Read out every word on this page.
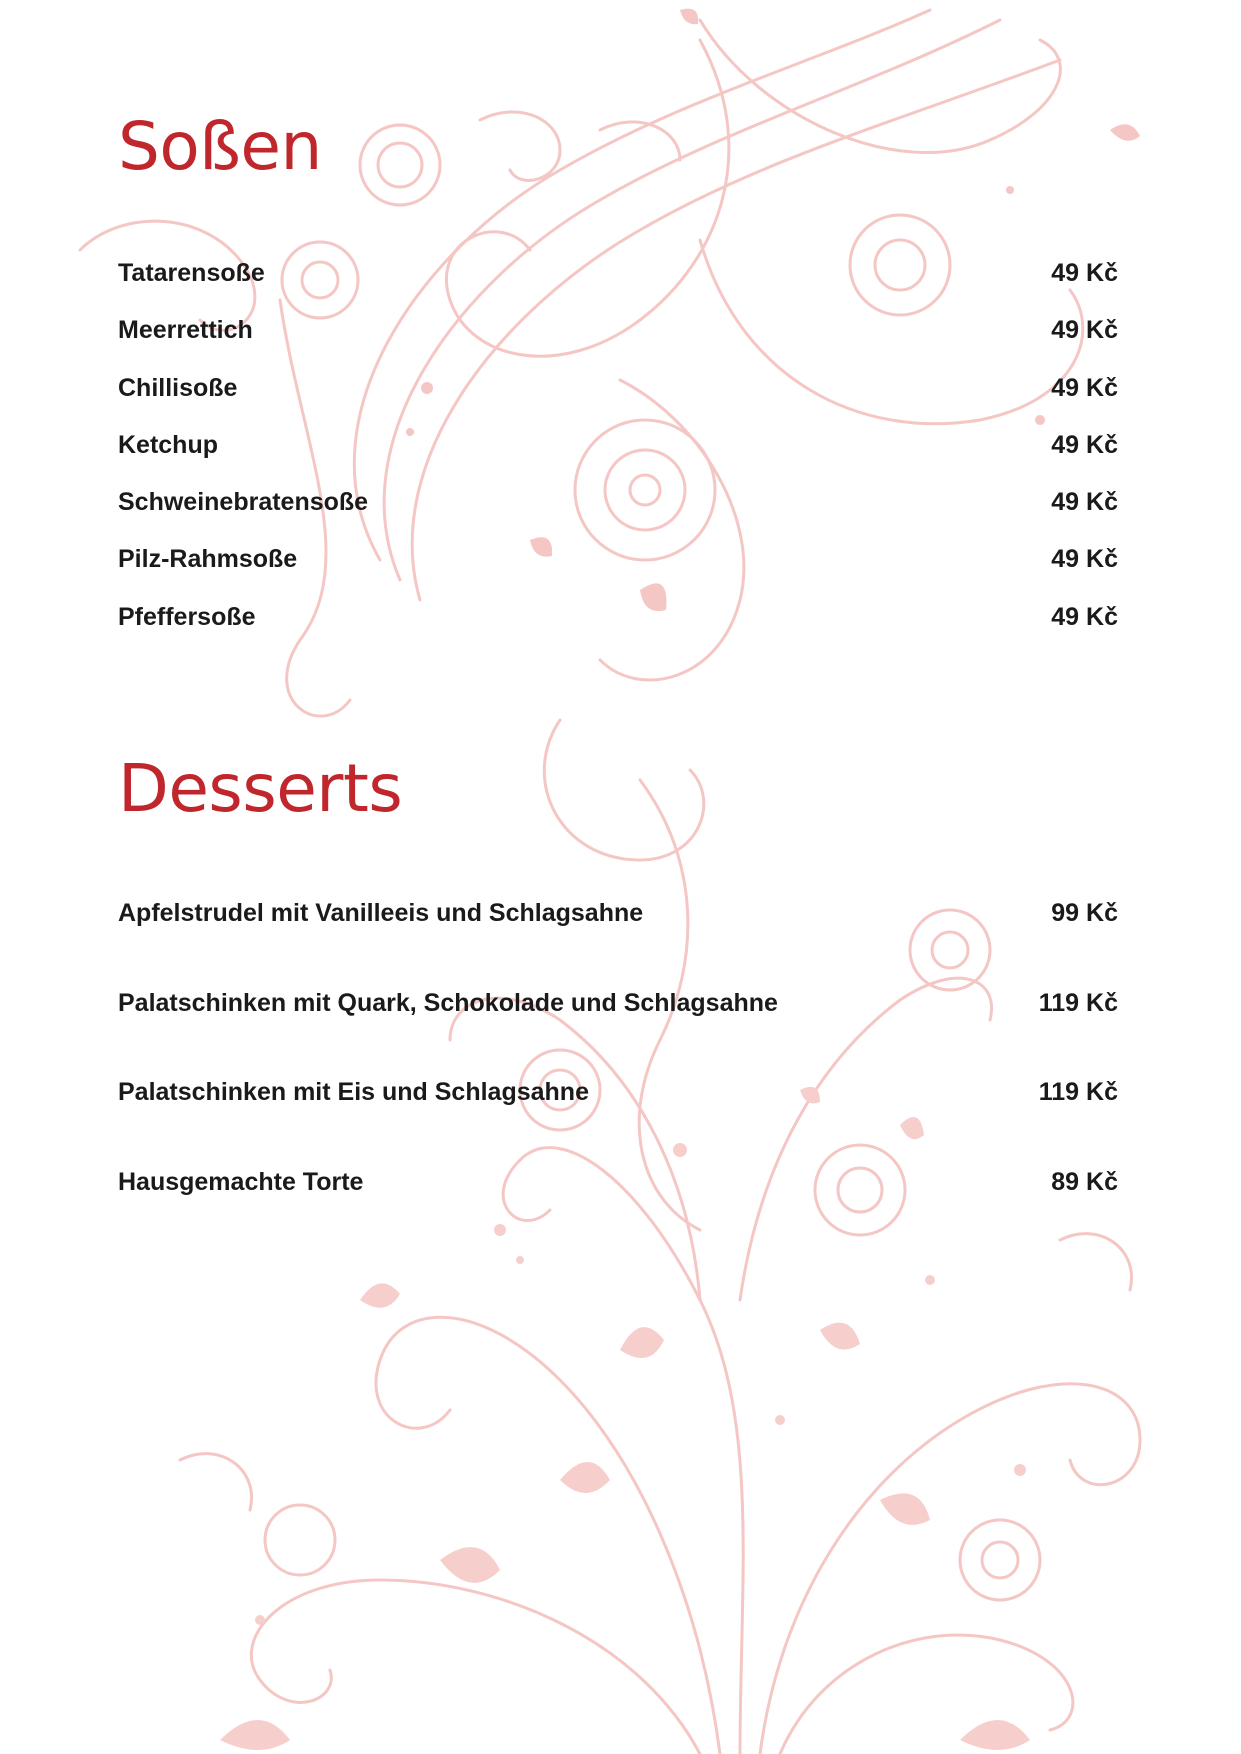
Soßen
Tatarensoße	49 Kč
Meerrettich	49 Kč
Chillisoße	49 Kč
Ketchup	49 Kč
Schweinebratensoße	49 Kč
Pilz-Rahmsoße	49 Kč
Pfeffersoße	49 Kč
Desserts
Apfelstrudel mit Vanilleeis und Schlagsahne	99 Kč
Palatschinken mit Quark, Schokolade und Schlagsahne	119 Kč
Palatschinken mit Eis und Schlagsahne	119 Kč
Hausgemachte Torte	89 Kč
